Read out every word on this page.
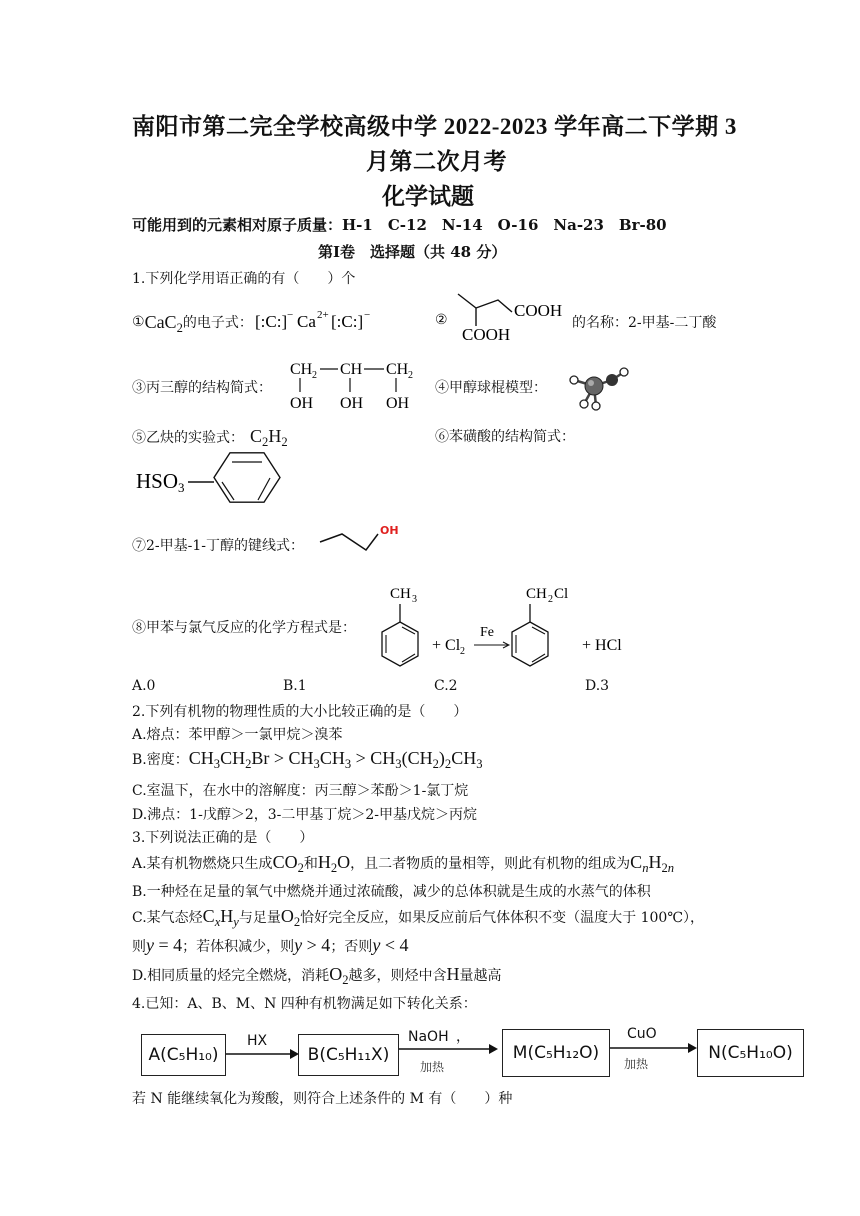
南阳市第二完全学校高级中学 2022-2023 学年高二下学期 3
月第二次月考
化学试题
可能用到的元素相对原子质量：H-1　C-12　N-14　O-16　Na-23　Br-80
第Ⅰ卷　选择题（共 48 分）
1.下列化学用语正确的有（　　）个
① CaC$_2$ 的电子式： [:C:] − Ca 2+ [:C:] −	②	COOH
COOH
的名称：2-甲基-二丁酸
③丙三醇的结构简式：
CH 2 CH CH 2
OH OH OH
④甲醇球棍模型：
⑤乙炔的实验式： $C_2H_2$	⑥苯磺酸的结构简式：
HSO 3
⑦2-甲基-1-丁醇的键线式：
OH
⑧甲苯与氯气反应的化学方程式是：
CH 3
+ Cl 2
Fe
CH 2 Cl
+ HCl
A.0	B.1	C.2	D.3
2.下列有机物的物理性质的大小比较正确的是（　　）
A.熔点：苯甲醇＞一氯甲烷＞溴苯
B.密度： $CH_3CH_2Br > CH_3CH_3 > CH_3(CH_2)_2CH_3$
C.室温下，在水中的溶解度：丙三醇＞苯酚＞1-氯丁烷
D.沸点：1-戊醇＞2，3-二甲基丁烷＞2-甲基戊烷＞丙烷
3.下列说法正确的是（　　）
A.某有机物燃烧只生成 $CO_2$ 和 $H_2O$ ，且二者物质的量相等，则此有机物的组成为 $C_nH_{2n}$
B.一种烃在足量的氧气中燃烧并通过浓硫酸，减少的总体积就是生成的水蒸气的体积
C.某气态烃 $C_xH_y$ 与足量 $O_2$ 恰好完全反应，如果反应前后气体体积不变（温度大于 100℃），
则 y = 4 ；若体积减少，则 y > 4 ；否则 y < 4
D.相同质量的烃完全燃烧，消耗 $O_2$ 越多，则烃中含 H 量越高
4.已知：A、B、M、N 四种有机物满足如下转化关系：
A(C₅H₁₀)
HX
B(C₅H₁₁X)
NaOH ，
加热
M(C₅H₁₂O)
CuO
加热
N(C₅H₁₀O)
若 N 能继续氧化为羧酸，则符合上述条件的 M 有（　　）种
